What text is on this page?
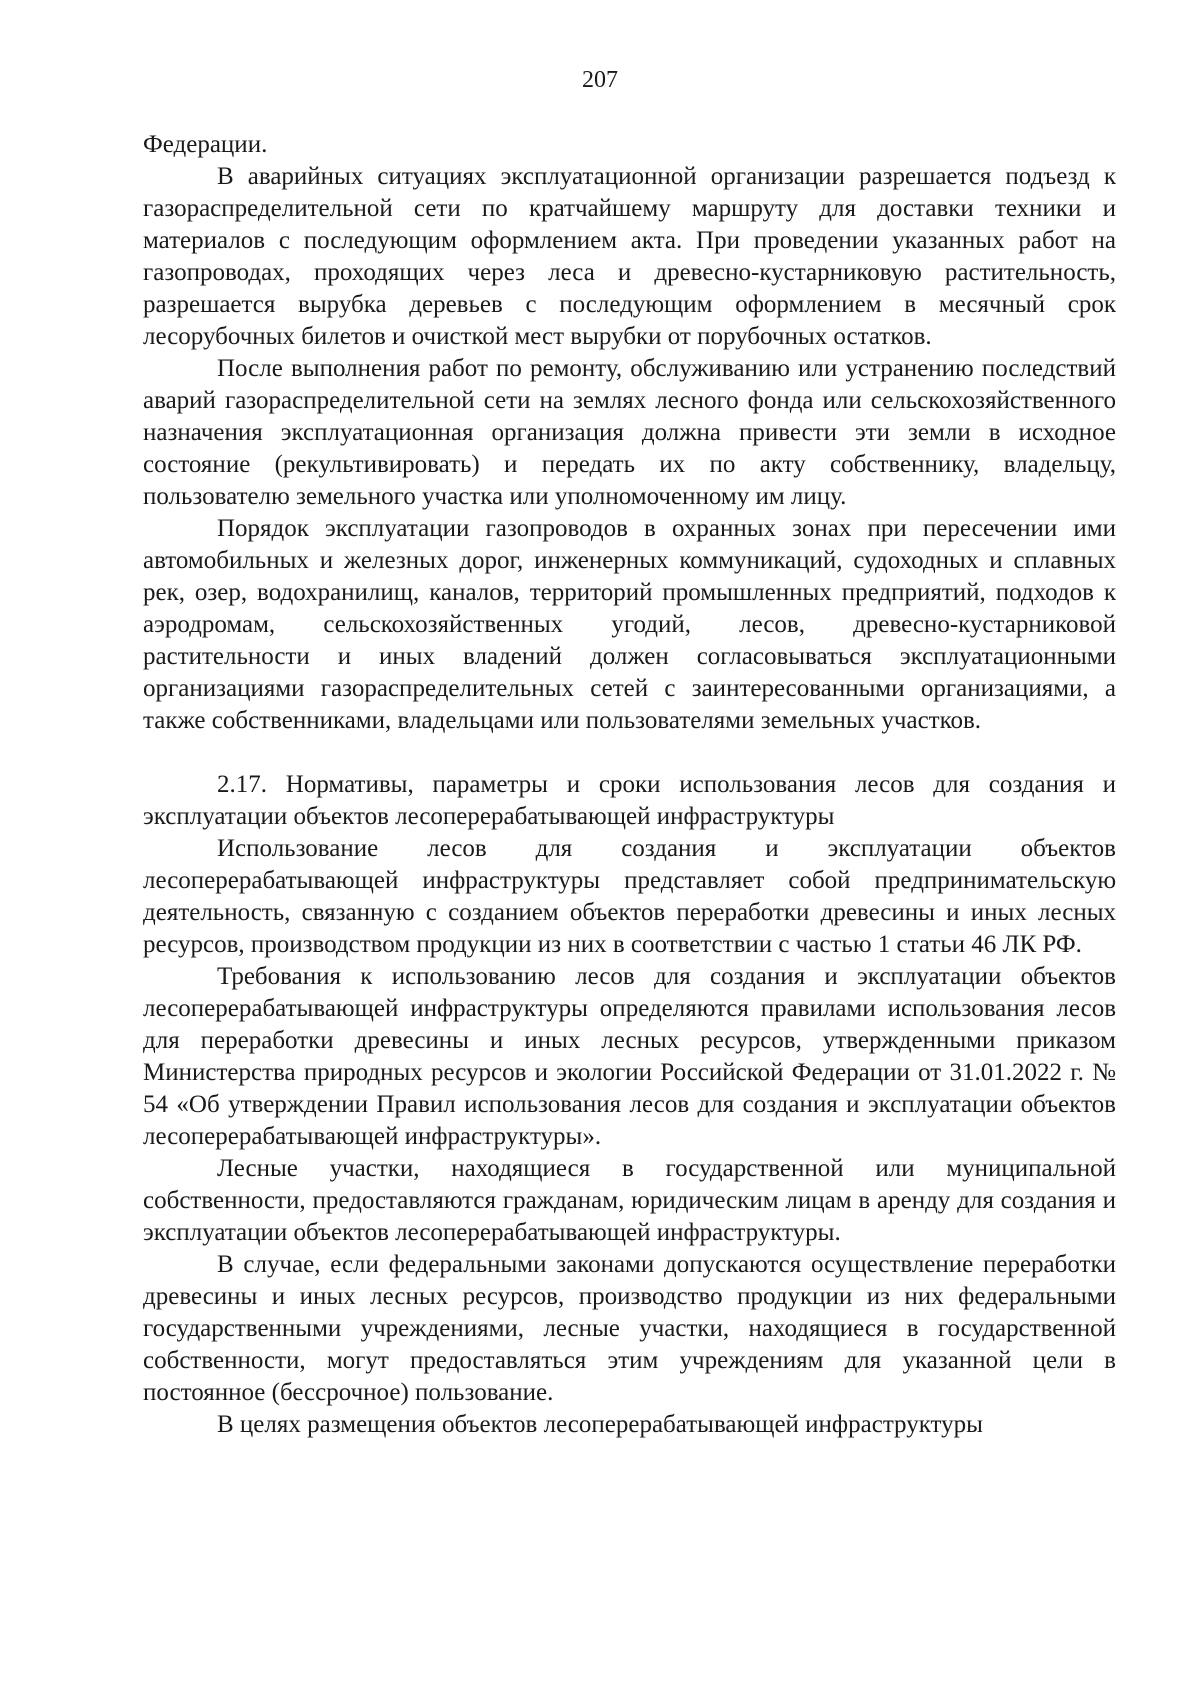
207

Федерации.

В аварийных ситуациях эксплуатационной организации разрешается подъезд к газораспределительной сети по кратчайшему маршруту для доставки техники и материалов с последующим оформлением акта. При проведении указанных работ на газопроводах, проходящих через леса и древесно-кустарниковую растительность, разрешается вырубка деревьев с последующим оформлением в месячный срок лесорубочных билетов и очисткой мест вырубки от порубочных остатков.

После выполнения работ по ремонту, обслуживанию или устранению последствий аварий газораспределительной сети на землях лесного фонда или сельскохозяйственного назначения эксплуатационная организация должна привести эти земли в исходное состояние (рекультивировать) и передать их по акту собственнику, владельцу, пользователю земельного участка или уполномоченному им лицу.

Порядок эксплуатации газопроводов в охранных зонах при пересечении ими автомобильных и железных дорог, инженерных коммуникаций, судоходных и сплавных рек, озер, водохранилищ, каналов, территорий промышленных предприятий, подходов к аэродромам, сельскохозяйственных угодий, лесов, древесно-кустарниковой растительности и иных владений должен согласовываться эксплуатационными организациями газораспределительных сетей с заинтересованными организациями, а также собственниками, владельцами или пользователями земельных участков.

2.17. Нормативы, параметры и сроки использования лесов для создания и эксплуатации объектов лесоперерабатывающей инфраструктуры

Использование лесов для создания и эксплуатации объектов лесоперерабатывающей инфраструктуры представляет собой предпринимательскую деятельность, связанную с созданием объектов переработки древесины и иных лесных ресурсов, производством продукции из них в соответствии с частью 1 статьи 46 ЛК РФ.

Требования к использованию лесов для создания и эксплуатации объектов лесоперерабатывающей инфраструктуры определяются правилами использования лесов для переработки древесины и иных лесных ресурсов, утвержденными приказом Министерства природных ресурсов и экологии Российской Федерации от 31.01.2022 г. № 54 «Об утверждении Правил использования лесов для создания и эксплуатации объектов лесоперерабатывающей инфраструктуры».

Лесные участки, находящиеся в государственной или муниципальной собственности, предоставляются гражданам, юридическим лицам в аренду для создания и эксплуатации объектов лесоперерабатывающей инфраструктуры.

В случае, если федеральными законами допускаются осуществление переработки древесины и иных лесных ресурсов, производство продукции из них федеральными государственными учреждениями, лесные участки, находящиеся в государственной собственности, могут предоставляться этим учреждениям для указанной цели в постоянное (бессрочное) пользование.

В целях размещения объектов лесоперерабатывающей инфраструктуры
